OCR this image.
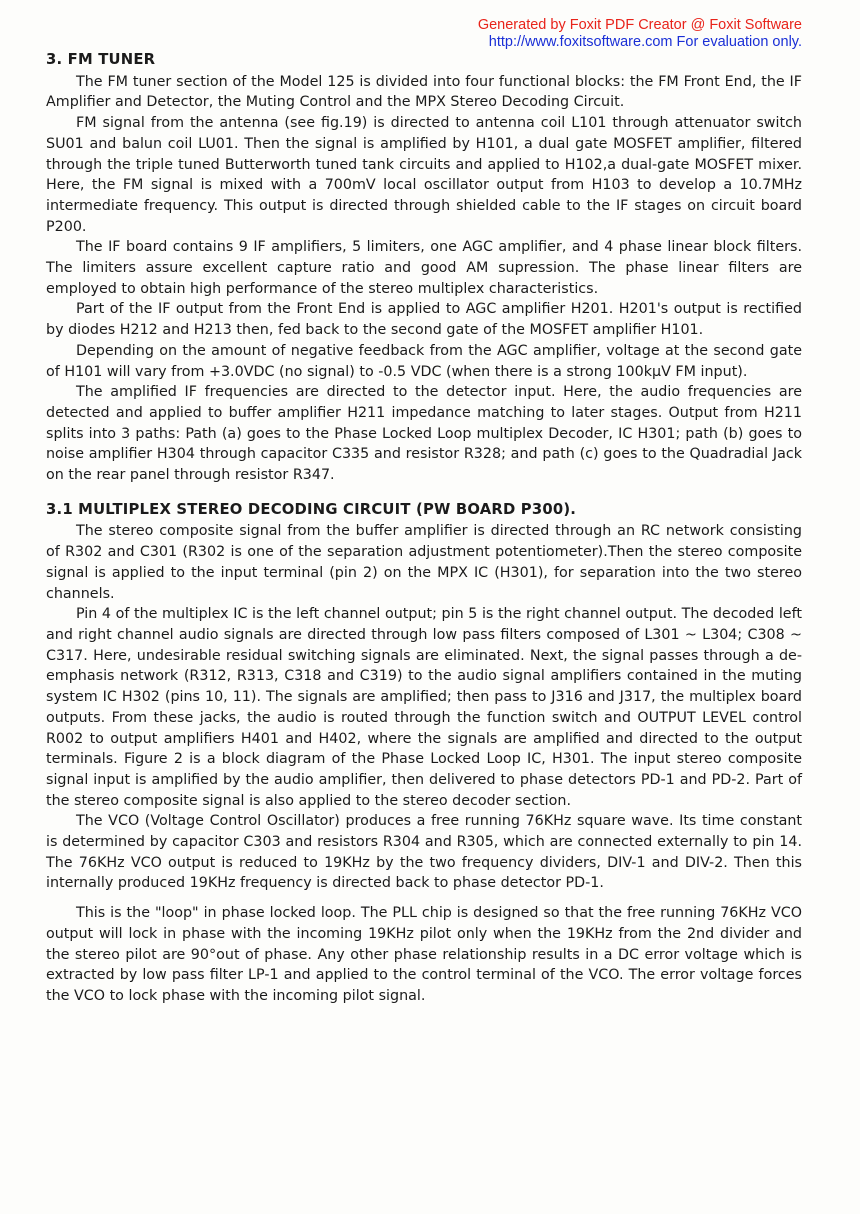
Generated by Foxit PDF Creator @ Foxit Software
http://www.foxitsoftware.com For evaluation only.
3. FM TUNER

The FM tuner section of the Model 125 is divided into four functional blocks: the FM Front End, the IF Amplifier and Detector, the Muting Control and the MPX Stereo Decoding Circuit.

FM signal from the antenna (see fig.19) is directed to antenna coil L101 through attenuator switch SU01 and balun coil LU01. Then the signal is amplified by H101, a dual gate MOSFET amplifier, filtered through the triple tuned Butterworth tuned tank circuits and applied to H102,a dual-gate MOSFET mixer. Here, the FM signal is mixed with a 700mV local oscillator output from H103 to develop a 10.7MHz intermediate frequency. This output is directed through shielded cable to the IF stages on circuit board P200.

The IF board contains 9 IF amplifiers, 5 limiters, one AGC amplifier, and 4 phase linear block filters. The limiters assure excellent capture ratio and good AM supression. The phase linear filters are employed to obtain high performance of the stereo multiplex characteristics.

Part of the IF output from the Front End is applied to AGC amplifier H201. H201's output is rectified by diodes H212 and H213 then, fed back to the second gate of the MOSFET amplifier H101.

Depending on the amount of negative feedback from the AGC amplifier, voltage at the second gate of H101 will vary from +3.0VDC (no signal) to -0.5 VDC (when there is a strong 100kμV FM input).

The amplified IF frequencies are directed to the detector input. Here, the audio frequencies are detected and applied to buffer amplifier H211 impedance matching to later stages. Output from H211 splits into 3 paths: Path (a) goes to the Phase Locked Loop multiplex Decoder, IC H301; path (b) goes to noise amplifier H304 through capacitor C335 and resistor R328; and path (c) goes to the Quadradial Jack on the rear panel through resistor R347.

3.1 MULTIPLEX STEREO DECODING CIRCUIT (PW BOARD P300).

The stereo composite signal from the buffer amplifier is directed through an RC network consisting of R302 and C301 (R302 is one of the separation adjustment potentiometer).Then the stereo composite signal is applied to the input terminal (pin 2) on the MPX IC (H301), for separation into the two stereo channels.

Pin 4 of the multiplex IC is the left channel output; pin 5 is the right channel output. The decoded left and right channel audio signals are directed through low pass filters composed of L301 ~ L304; C308 ~ C317. Here, undesirable residual switching signals are eliminated. Next, the signal passes through a de-emphasis network (R312, R313, C318 and C319) to the audio signal amplifiers contained in the muting system IC H302 (pins 10, 11). The signals are amplified; then pass to J316 and J317, the multiplex board outputs. From these jacks, the audio is routed through the function switch and OUTPUT LEVEL control R002 to output amplifiers H401 and H402, where the signals are amplified and directed to the output terminals. Figure 2 is a block diagram of the Phase Locked Loop IC, H301. The input stereo composite signal input is amplified by the audio amplifier, then delivered to phase detectors PD-1 and PD-2. Part of the stereo composite signal is also applied to the stereo decoder section.

The VCO (Voltage Control Oscillator) produces a free running 76KHz square wave. Its time constant is determined by capacitor C303 and resistors R304 and R305, which are connected externally to pin 14. The 76KHz VCO output is reduced to 19KHz by the two frequency dividers, DIV-1 and DIV-2. Then this internally produced 19KHz frequency is directed back to phase detector PD-1.

This is the "loop" in phase locked loop. The PLL chip is designed so that the free running 76KHz VCO output will lock in phase with the incoming 19KHz pilot only when the 19KHz from the 2nd divider and the stereo pilot are 90°out of phase. Any other phase relationship results in a DC error voltage which is extracted by low pass filter LP-1 and applied to the control terminal of the VCO. The error voltage forces the VCO to lock phase with the incoming pilot signal.
